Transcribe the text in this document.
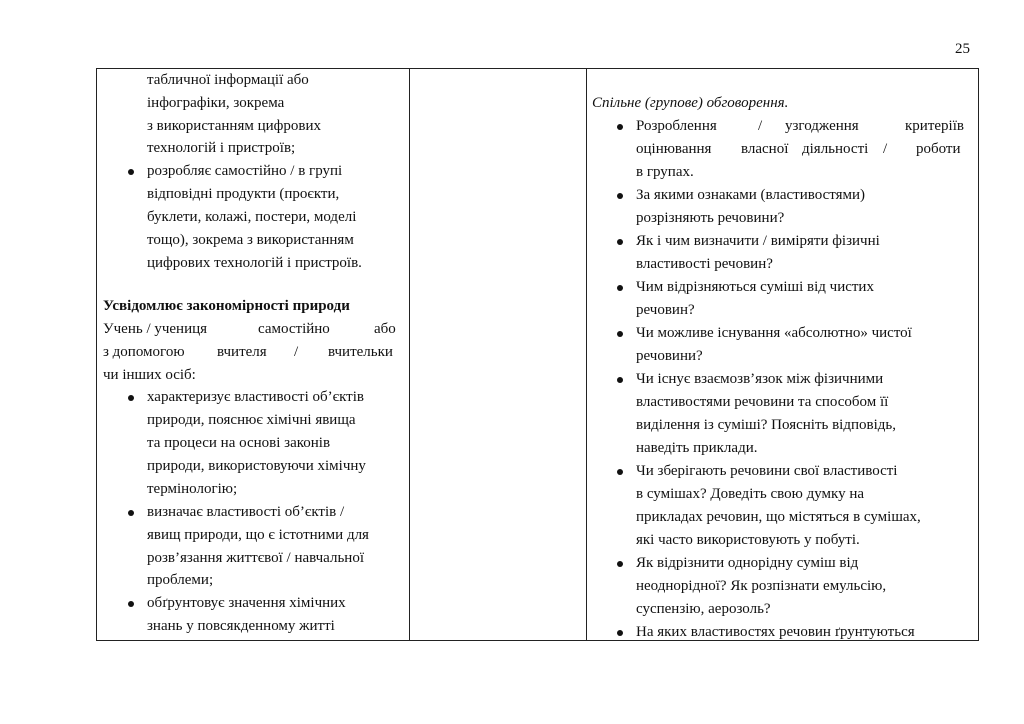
25
табличної інформації або
інфографіки, зокрема
з використанням цифрових
технологій і пристроїв;
розробляє самостійно / в групі
відповідні продукти (проєкти,
буклети, колажі, постери, моделі
тощо), зокрема з використанням
цифрових технологій і пристроїв.
Усвідомлює закономірності природи
Учень / учениця	самостійно	або
з допомогою вчителя / вчительки
чи інших осіб:
характеризує властивості об’єктів
природи, пояснює хімічні явища
та процеси на основі законів
природи, використовуючи хімічну
термінологію;
визначає властивості об’єктів /
явищ природи, що є істотними для
розв’язання життєвої / навчальної
проблеми;
обґрунтовує значення хімічних
знань у повсякденному житті
Спільне (групове) обговорення.
Розроблення	/ узгодження	критеріїв
оцінювання власної діяльності / роботи
в групах.
За якими ознаками (властивостями)
розрізняють речовини?
Як і чим визначити / виміряти фізичні
властивості речовин?
Чим відрізняються суміші від чистих
речовин?
Чи можливе існування «абсолютно» чистої
речовини?
Чи існує взаємозв’язок між фізичними
властивостями речовини та способом її
виділення із суміші? Поясніть відповідь,
наведіть приклади.
Чи зберігають речовини свої властивості
в сумішах? Доведіть свою думку на
прикладах речовин, що містяться в сумішах,
які часто використовують у побуті.
Як відрізнити однорідну суміш від
неоднорідної? Як розпізнати емульсію,
суспензію, аерозоль?
На яких властивостях речовин ґрунтуються
